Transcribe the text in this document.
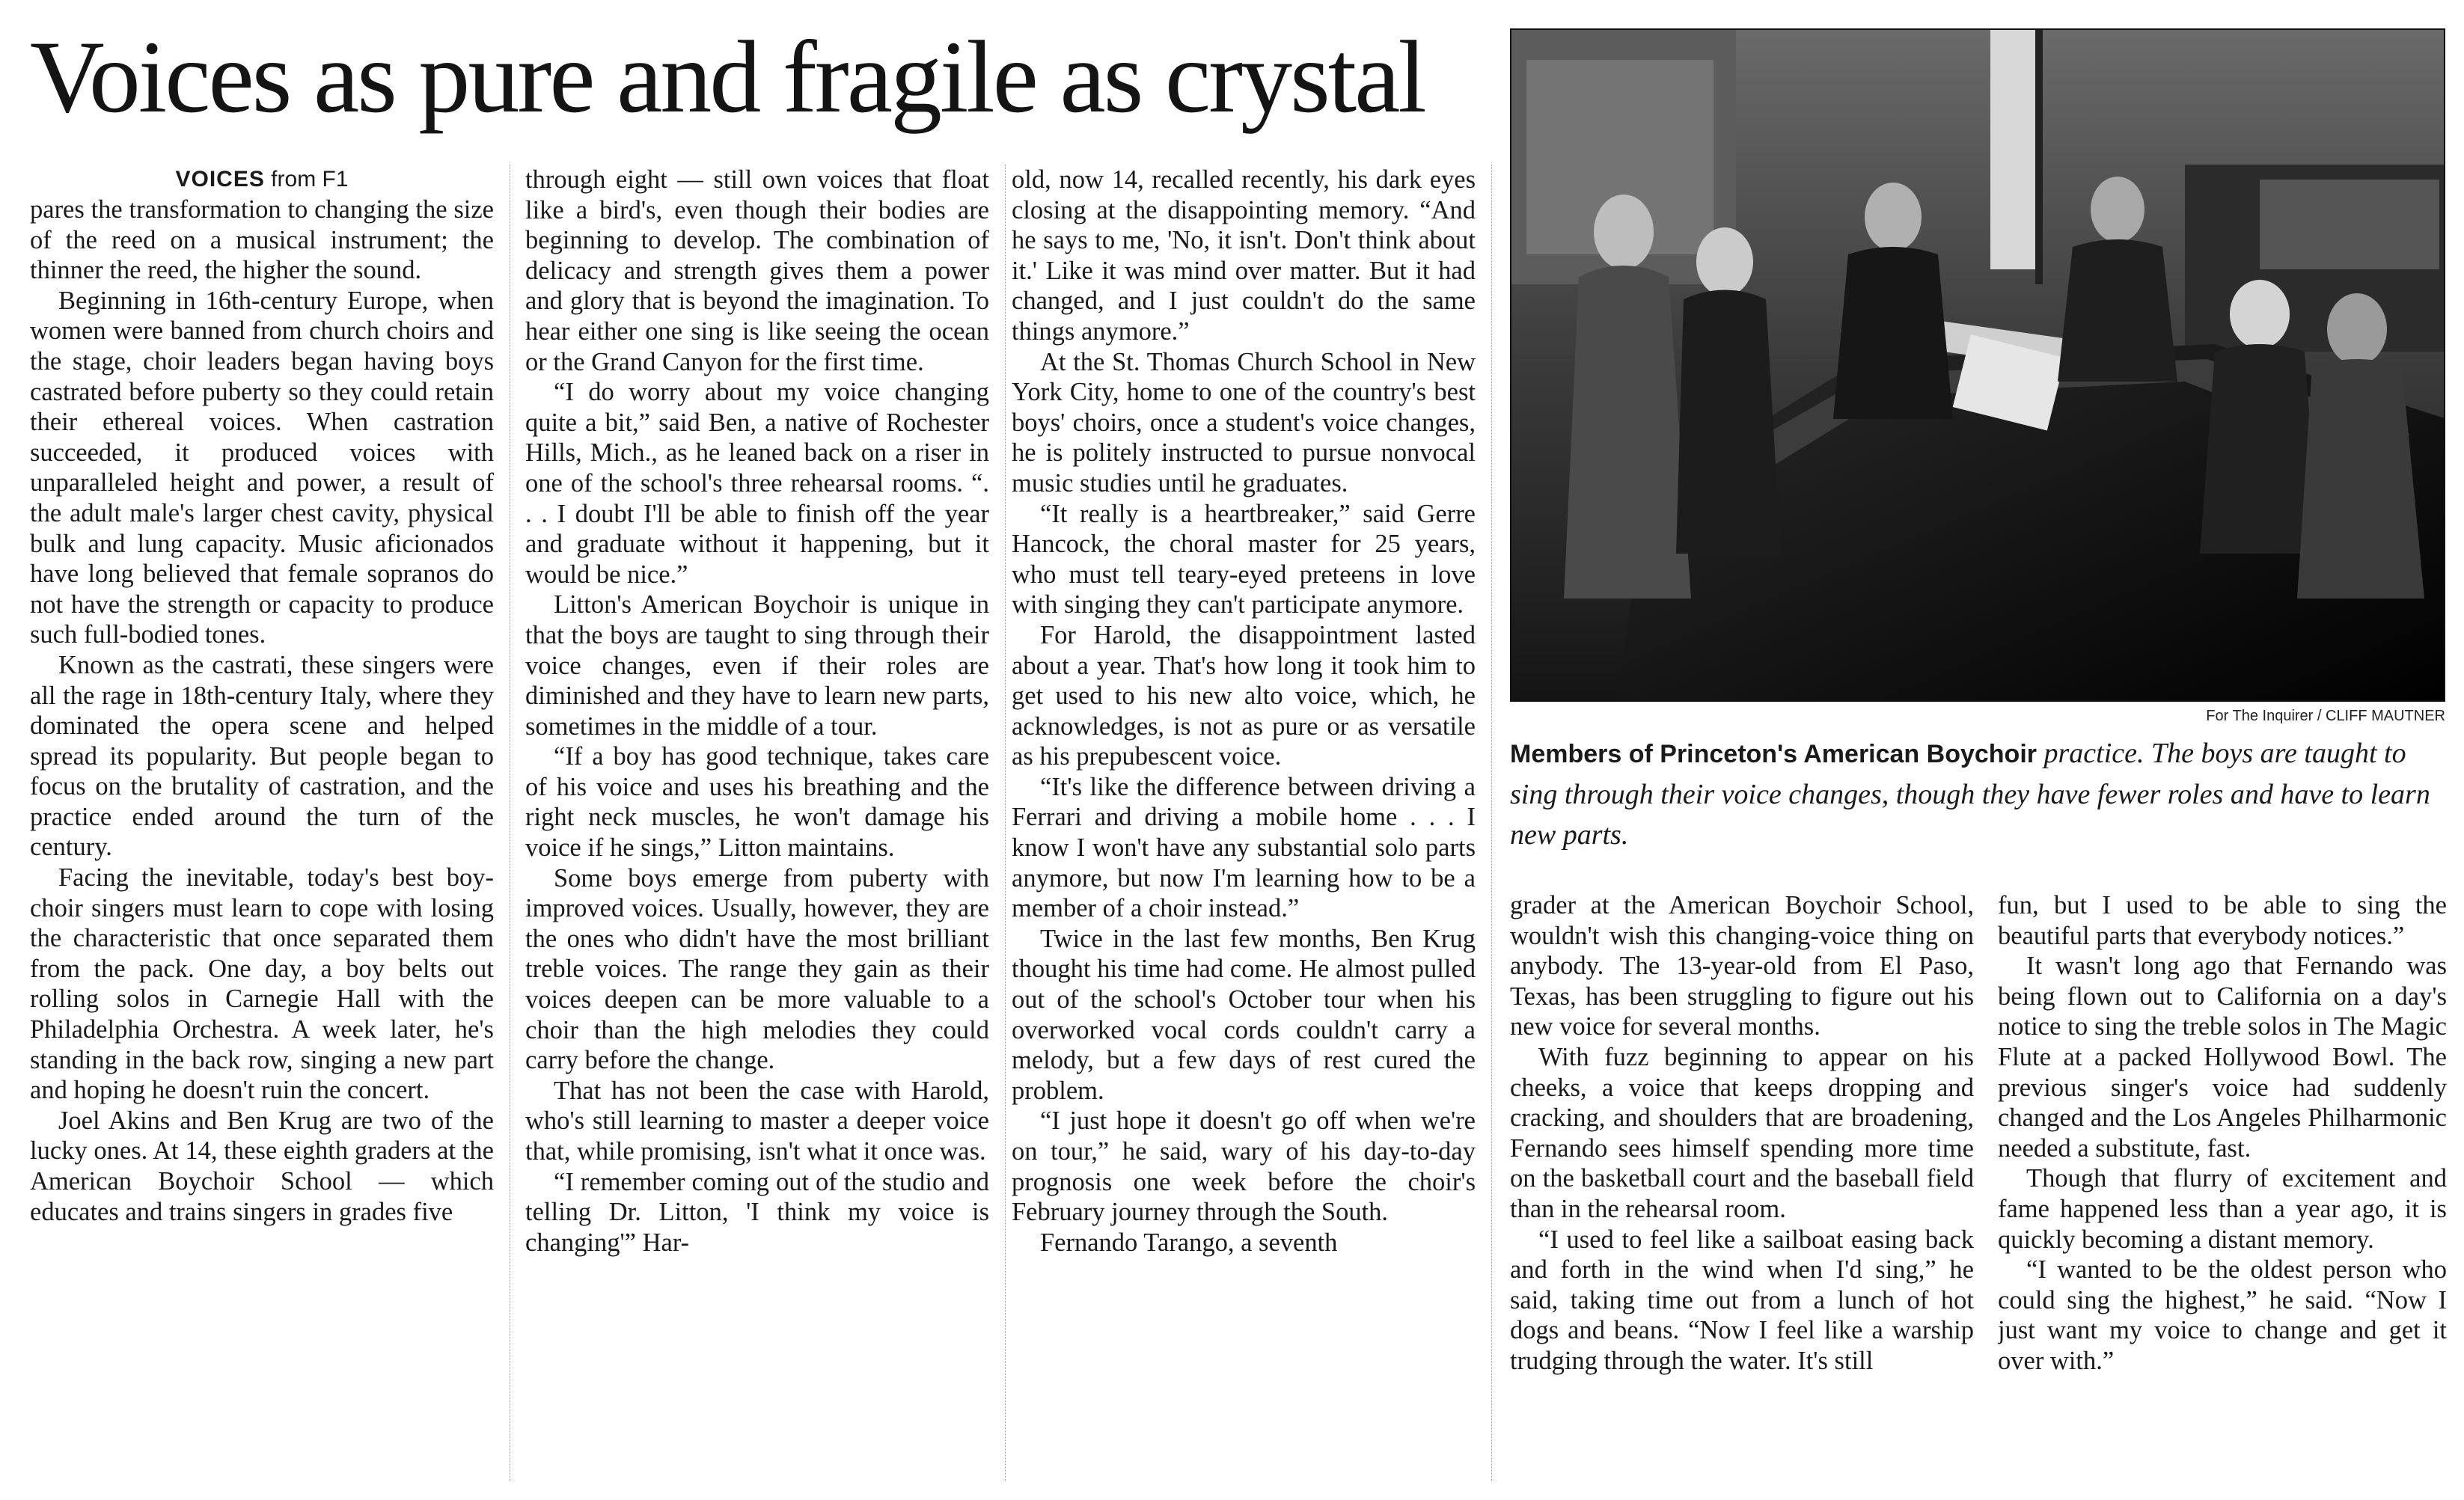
Voices as pure and fragile as crystal
VOICES from F1

pares the transformation to changing the size of the reed on a musical instrument; the thinner the reed, the higher the sound.

Beginning in 16th-century Europe, when women were banned from church choirs and the stage, choir leaders began having boys castrated before puberty so they could retain their ethereal voices. When castration succeeded, it produced voices with unparalleled height and power, a result of the adult male's larger chest cavity, physical bulk and lung capacity. Music aficionados have long believed that female sopranos do not have the strength or capacity to produce such full-bodied tones.

Known as the castrati, these singers were all the rage in 18th-century Italy, where they dominated the opera scene and helped spread its popularity. But people began to focus on the brutality of castration, and the practice ended around the turn of the century.

Facing the inevitable, today's best boy-choir singers must learn to cope with losing the characteristic that once separated them from the pack. One day, a boy belts out rolling solos in Carnegie Hall with the Philadelphia Orchestra. A week later, he's standing in the back row, singing a new part and hoping he doesn't ruin the concert.

Joel Akins and Ben Krug are two of the lucky ones. At 14, these eighth graders at the American Boychoir School — which educates and trains singers in grades five

through eight — still own voices that float like a bird's, even though their bodies are beginning to develop. The combination of delicacy and strength gives them a power and glory that is beyond the imagination. To hear either one sing is like seeing the ocean or the Grand Canyon for the first time.

“I do worry about my voice changing quite a bit,” said Ben, a native of Rochester Hills, Mich., as he leaned back on a riser in one of the school's three rehearsal rooms. “. . . I doubt I'll be able to finish off the year and graduate without it happening, but it would be nice.”

Litton's American Boychoir is unique in that the boys are taught to sing through their voice changes, even if their roles are diminished and they have to learn new parts, sometimes in the middle of a tour.

“If a boy has good technique, takes care of his voice and uses his breathing and the right neck muscles, he won't damage his voice if he sings,” Litton maintains.

Some boys emerge from puberty with improved voices. Usually, however, they are the ones who didn't have the most brilliant treble voices. The range they gain as their voices deepen can be more valuable to a choir than the high melodies they could carry before the change.

That has not been the case with Harold, who's still learning to master a deeper voice that, while promising, isn't what it once was.

“I remember coming out of the studio and telling Dr. Litton, 'I think my voice is changing'” Har-

old, now 14, recalled recently, his dark eyes closing at the disappointing memory. “And he says to me, 'No, it isn't. Don't think about it.' Like it was mind over matter. But it had changed, and I just couldn't do the same things anymore.”

At the St. Thomas Church School in New York City, home to one of the country's best boys' choirs, once a student's voice changes, he is politely instructed to pursue nonvocal music studies until he graduates.

“It really is a heartbreaker,” said Gerre Hancock, the choral master for 25 years, who must tell teary-eyed preteens in love with singing they can't participate anymore.

For Harold, the disappointment lasted about a year. That's how long it took him to get used to his new alto voice, which, he acknowledges, is not as pure or as versatile as his prepubescent voice.

“It's like the difference between driving a Ferrari and driving a mobile home . . . I know I won't have any substantial solo parts anymore, but now I'm learning how to be a member of a choir instead.”

Twice in the last few months, Ben Krug thought his time had come. He almost pulled out of the school's October tour when his overworked vocal cords couldn't carry a melody, but a few days of rest cured the problem.

“I just hope it doesn't go off when we're on tour,” he said, wary of his day-to-day prognosis one week before the choir's February journey through the South.

Fernando Tarango, a seventh

grader at the American Boychoir School, wouldn't wish this changing-voice thing on anybody. The 13-year-old from El Paso, Texas, has been struggling to figure out his new voice for several months.

With fuzz beginning to appear on his cheeks, a voice that keeps dropping and cracking, and shoulders that are broadening, Fernando sees himself spending more time on the basketball court and the baseball field than in the rehearsal room.

“I used to feel like a sailboat easing back and forth in the wind when I'd sing,” he said, taking time out from a lunch of hot dogs and beans. “Now I feel like a warship trudging through the water. It's still

fun, but I used to be able to sing the beautiful parts that everybody notices.”

It wasn't long ago that Fernando was being flown out to California on a day's notice to sing the treble solos in The Magic Flute at a packed Hollywood Bowl. The previous singer's voice had suddenly changed and the Los Angeles Philharmonic needed a substitute, fast.

Though that flurry of excitement and fame happened less than a year ago, it is quickly becoming a distant memory.

“I wanted to be the oldest person who could sing the highest,” he said. “Now I just want my voice to change and get it over with.”

For The Inquirer / CLIFF MAUTNER
Members of Princeton's American Boychoir practice. The boys are taught to sing through their voice changes, though they have fewer roles and have to learn new parts.
